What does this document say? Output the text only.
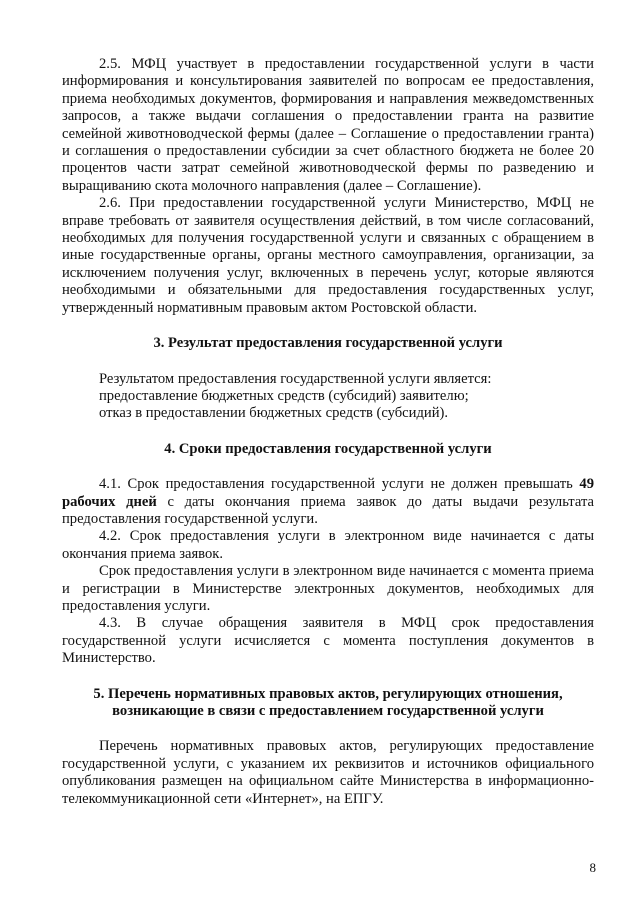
2.5. МФЦ участвует в предоставлении государственной услуги в части информирования и консультирования заявителей по вопросам ее предоставления, приема необходимых документов, формирования и направления межведомственных запросов, а также выдачи соглашения о предоставлении гранта на развитие семейной животноводческой фермы (далее – Соглашение о предоставлении гранта) и соглашения о предоставлении субсидии за счет областного бюджета не более 20 процентов части затрат семейной животноводческой фермы по разведению и выращиванию скота молочного направления (далее – Соглашение).

2.6. При предоставлении государственной услуги Министерство, МФЦ не вправе требовать от заявителя осуществления действий, в том числе согласований, необходимых для получения государственной услуги и связанных с обращением в иные государственные органы, органы местного самоуправления, организации, за исключением получения услуг, включенных в перечень услуг, которые являются необходимыми и обязательными для предоставления государственных услуг, утвержденный нормативным правовым актом Ростовской области.

3. Результат предоставления государственной услуги

Результатом предоставления государственной услуги является:

предоставление бюджетных средств (субсидий) заявителю;

отказ в предоставлении бюджетных средств (субсидий).

4. Сроки предоставления государственной услуги

4.1. Срок предоставления государственной услуги не должен превышать 49 рабочих дней с даты окончания приема заявок до даты выдачи результата предоставления государственной услуги.

4.2. Срок предоставления услуги в электронном виде начинается с даты окончания приема заявок.

Срок предоставления услуги в электронном виде начинается с момента приема и регистрации в Министерстве электронных документов, необходимых для предоставления услуги.

4.3. В случае обращения заявителя в МФЦ срок предоставления государственной услуги исчисляется с момента поступления документов в Министерство.

5. Перечень нормативных правовых актов, регулирующих отношения,

возникающие в связи с предоставлением государственной услуги

Перечень нормативных правовых актов, регулирующих предоставление государственной услуги, с указанием их реквизитов и источников официального опубликования размещен на официальном сайте Министерства в информационно-телекоммуникационной сети «Интернет», на ЕПГУ.

8
